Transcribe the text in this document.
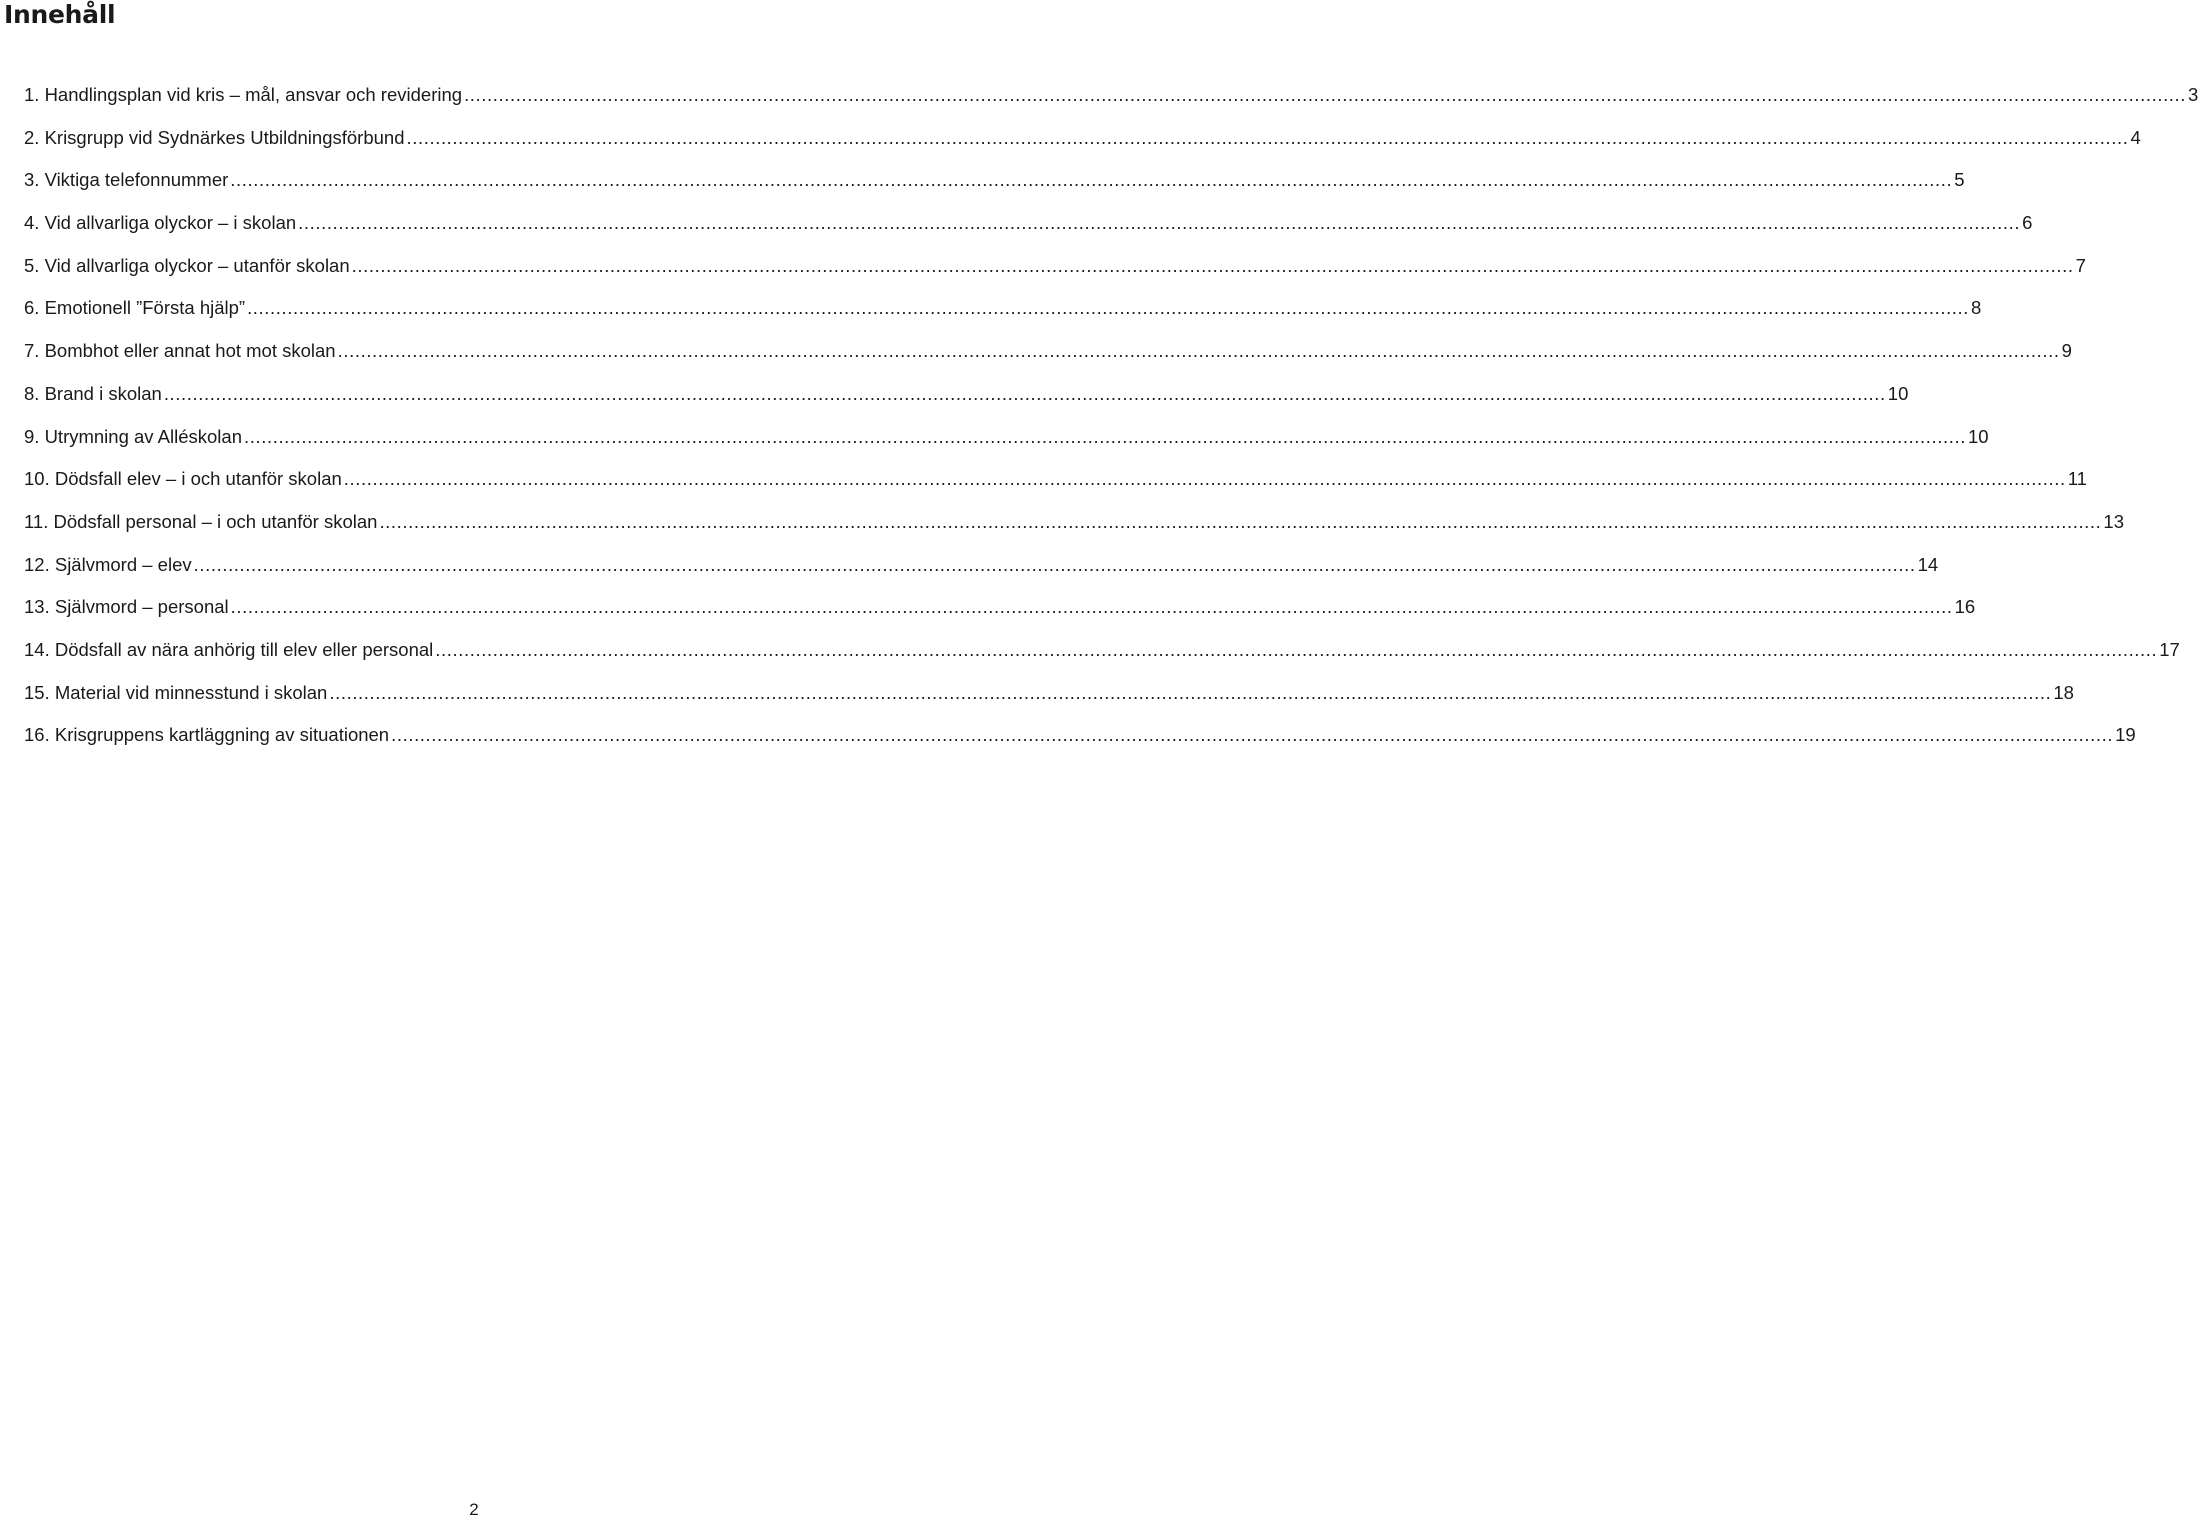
Innehåll
1. Handlingsplan vid kris – mål, ansvar och revidering .....	3
2. Krisgrupp vid Sydnärkes Utbildningsförbund .....	4
3. Viktiga telefonnummer .....	5
4. Vid allvarliga olyckor – i skolan .....	6
5. Vid allvarliga olyckor – utanför skolan .....	7
6. Emotionell ”Första hjälp” .....	8
7. Bombhot eller annat hot mot skolan .....	9
8. Brand i skolan .....	10
9. Utrymning av Alléskolan .....	10
10. Dödsfall elev – i och utanför skolan .....	11
11. Dödsfall personal – i och utanför skolan .....	13
12. Självmord – elev .....	14
13. Självmord – personal .....	16
14. Dödsfall av nära anhörig till elev eller personal .....	17
15. Material vid minnesstund i skolan .....	18
16. Krisgruppens kartläggning av situationen .....	19
2
